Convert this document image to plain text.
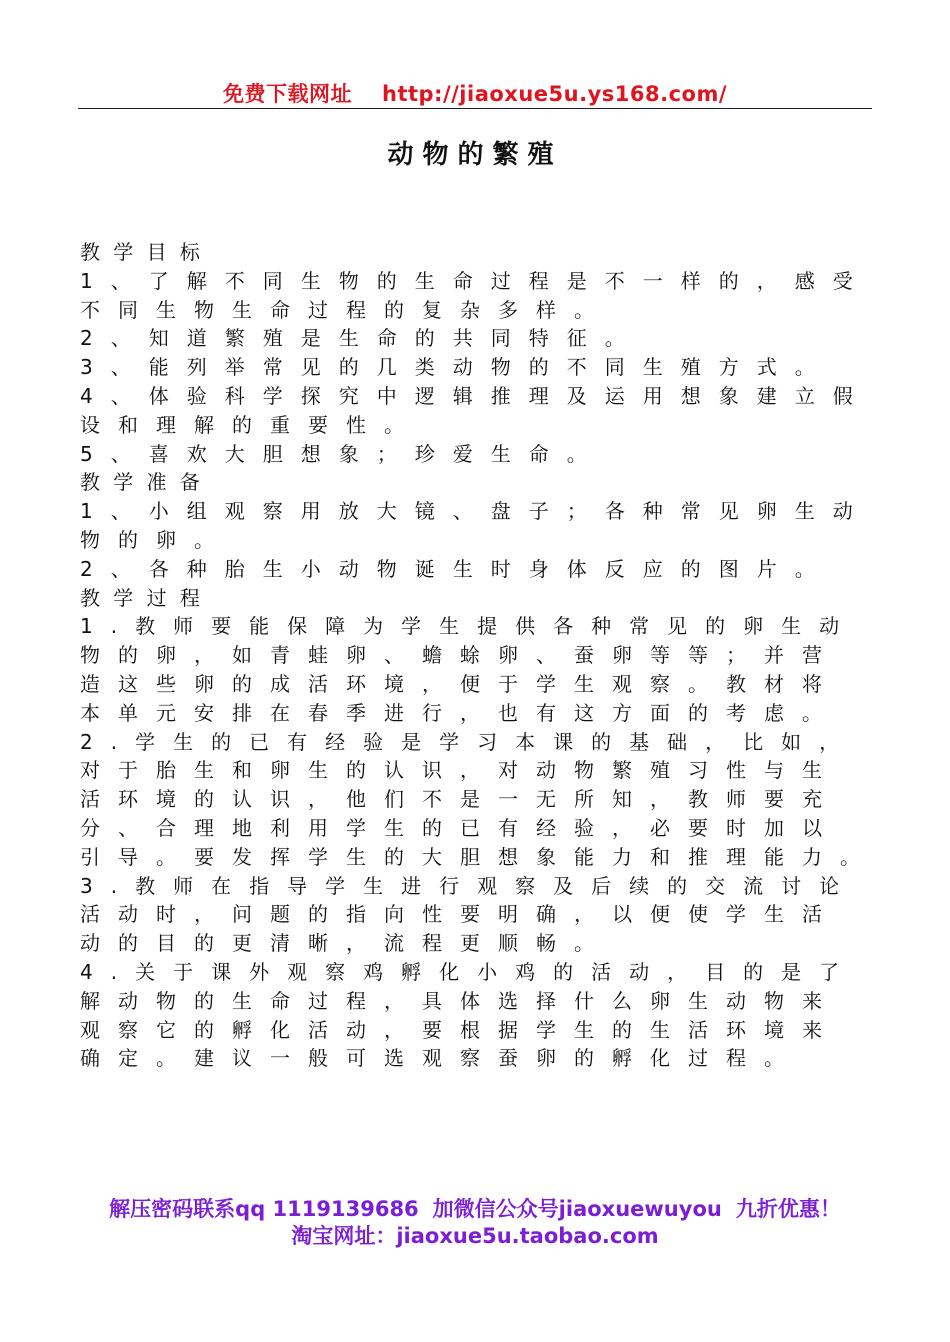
免费下载网址 http://jiaoxue5u.ys168.com/
动物的繁殖
教学目标
1、了解不同生物的生命过程是不一样的，感受
不同生物生命过程的复杂多样。
2、知道繁殖是生命的共同特征。
3、能列举常见的几类动物的不同生殖方式。
4、体验科学探究中逻辑推理及运用想象建立假
设和理解的重要性。
5、喜欢大胆想象；珍爱生命。
教学准备
1、小组观察用放大镜、盘子；各种常见卵生动
物的卵。
2、各种胎生小动物诞生时身体反应的图片。
教学过程
1.教师要能保障为学生提供各种常见的卵生动
物的卵，如青蛙卵、蟾蜍卵、蚕卵等等；并营
造这些卵的成活环境，便于学生观察。教材将
本单元安排在春季进行，也有这方面的考虑。
2.学生的已有经验是学习本课的基础，比如，
对于胎生和卵生的认识，对动物繁殖习性与生
活环境的认识，他们不是一无所知，教师要充
分、合理地利用学生的已有经验，必要时加以
引导。要发挥学生的大胆想象能力和推理能力。
3.教师在指导学生进行观察及后续的交流讨论
活动时，问题的指向性要明确，以便使学生活
动的目的更清晰，流程更顺畅。
4.关于课外观察鸡孵化小鸡的活动，目的是了
解动物的生命过程，具体选择什么卵生动物来
观察它的孵化活动，要根据学生的生活环境来
确定。建议一般可选观察蚕卵的孵化过程。
解压密码联系qq 1119139686 加微信公众号jiaoxuewuyou 九折优惠！
淘宝网址：jiaoxue5u.taobao.com
